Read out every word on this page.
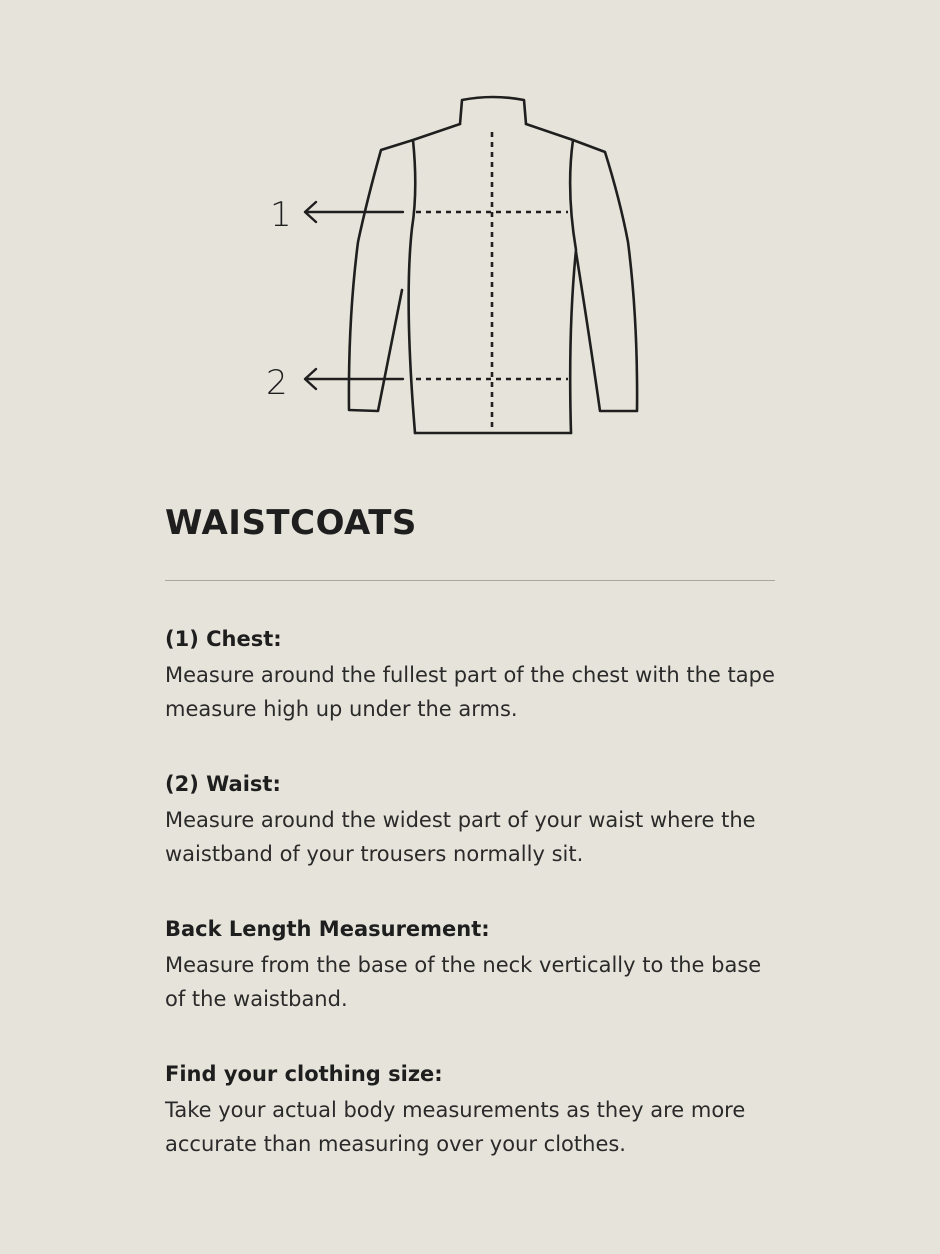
1
2
WAISTCOATS
(1) Chest:
Measure around the fullest part of the chest with the tape measure high up under the arms.
(2) Waist:
Measure around the widest part of your waist where the waistband of your trousers normally sit.
Back Length Measurement:
Measure from the base of the neck vertically to the base of the waistband.
Find your clothing size:
Take your actual body measurements as they are more accurate than measuring over your clothes.
